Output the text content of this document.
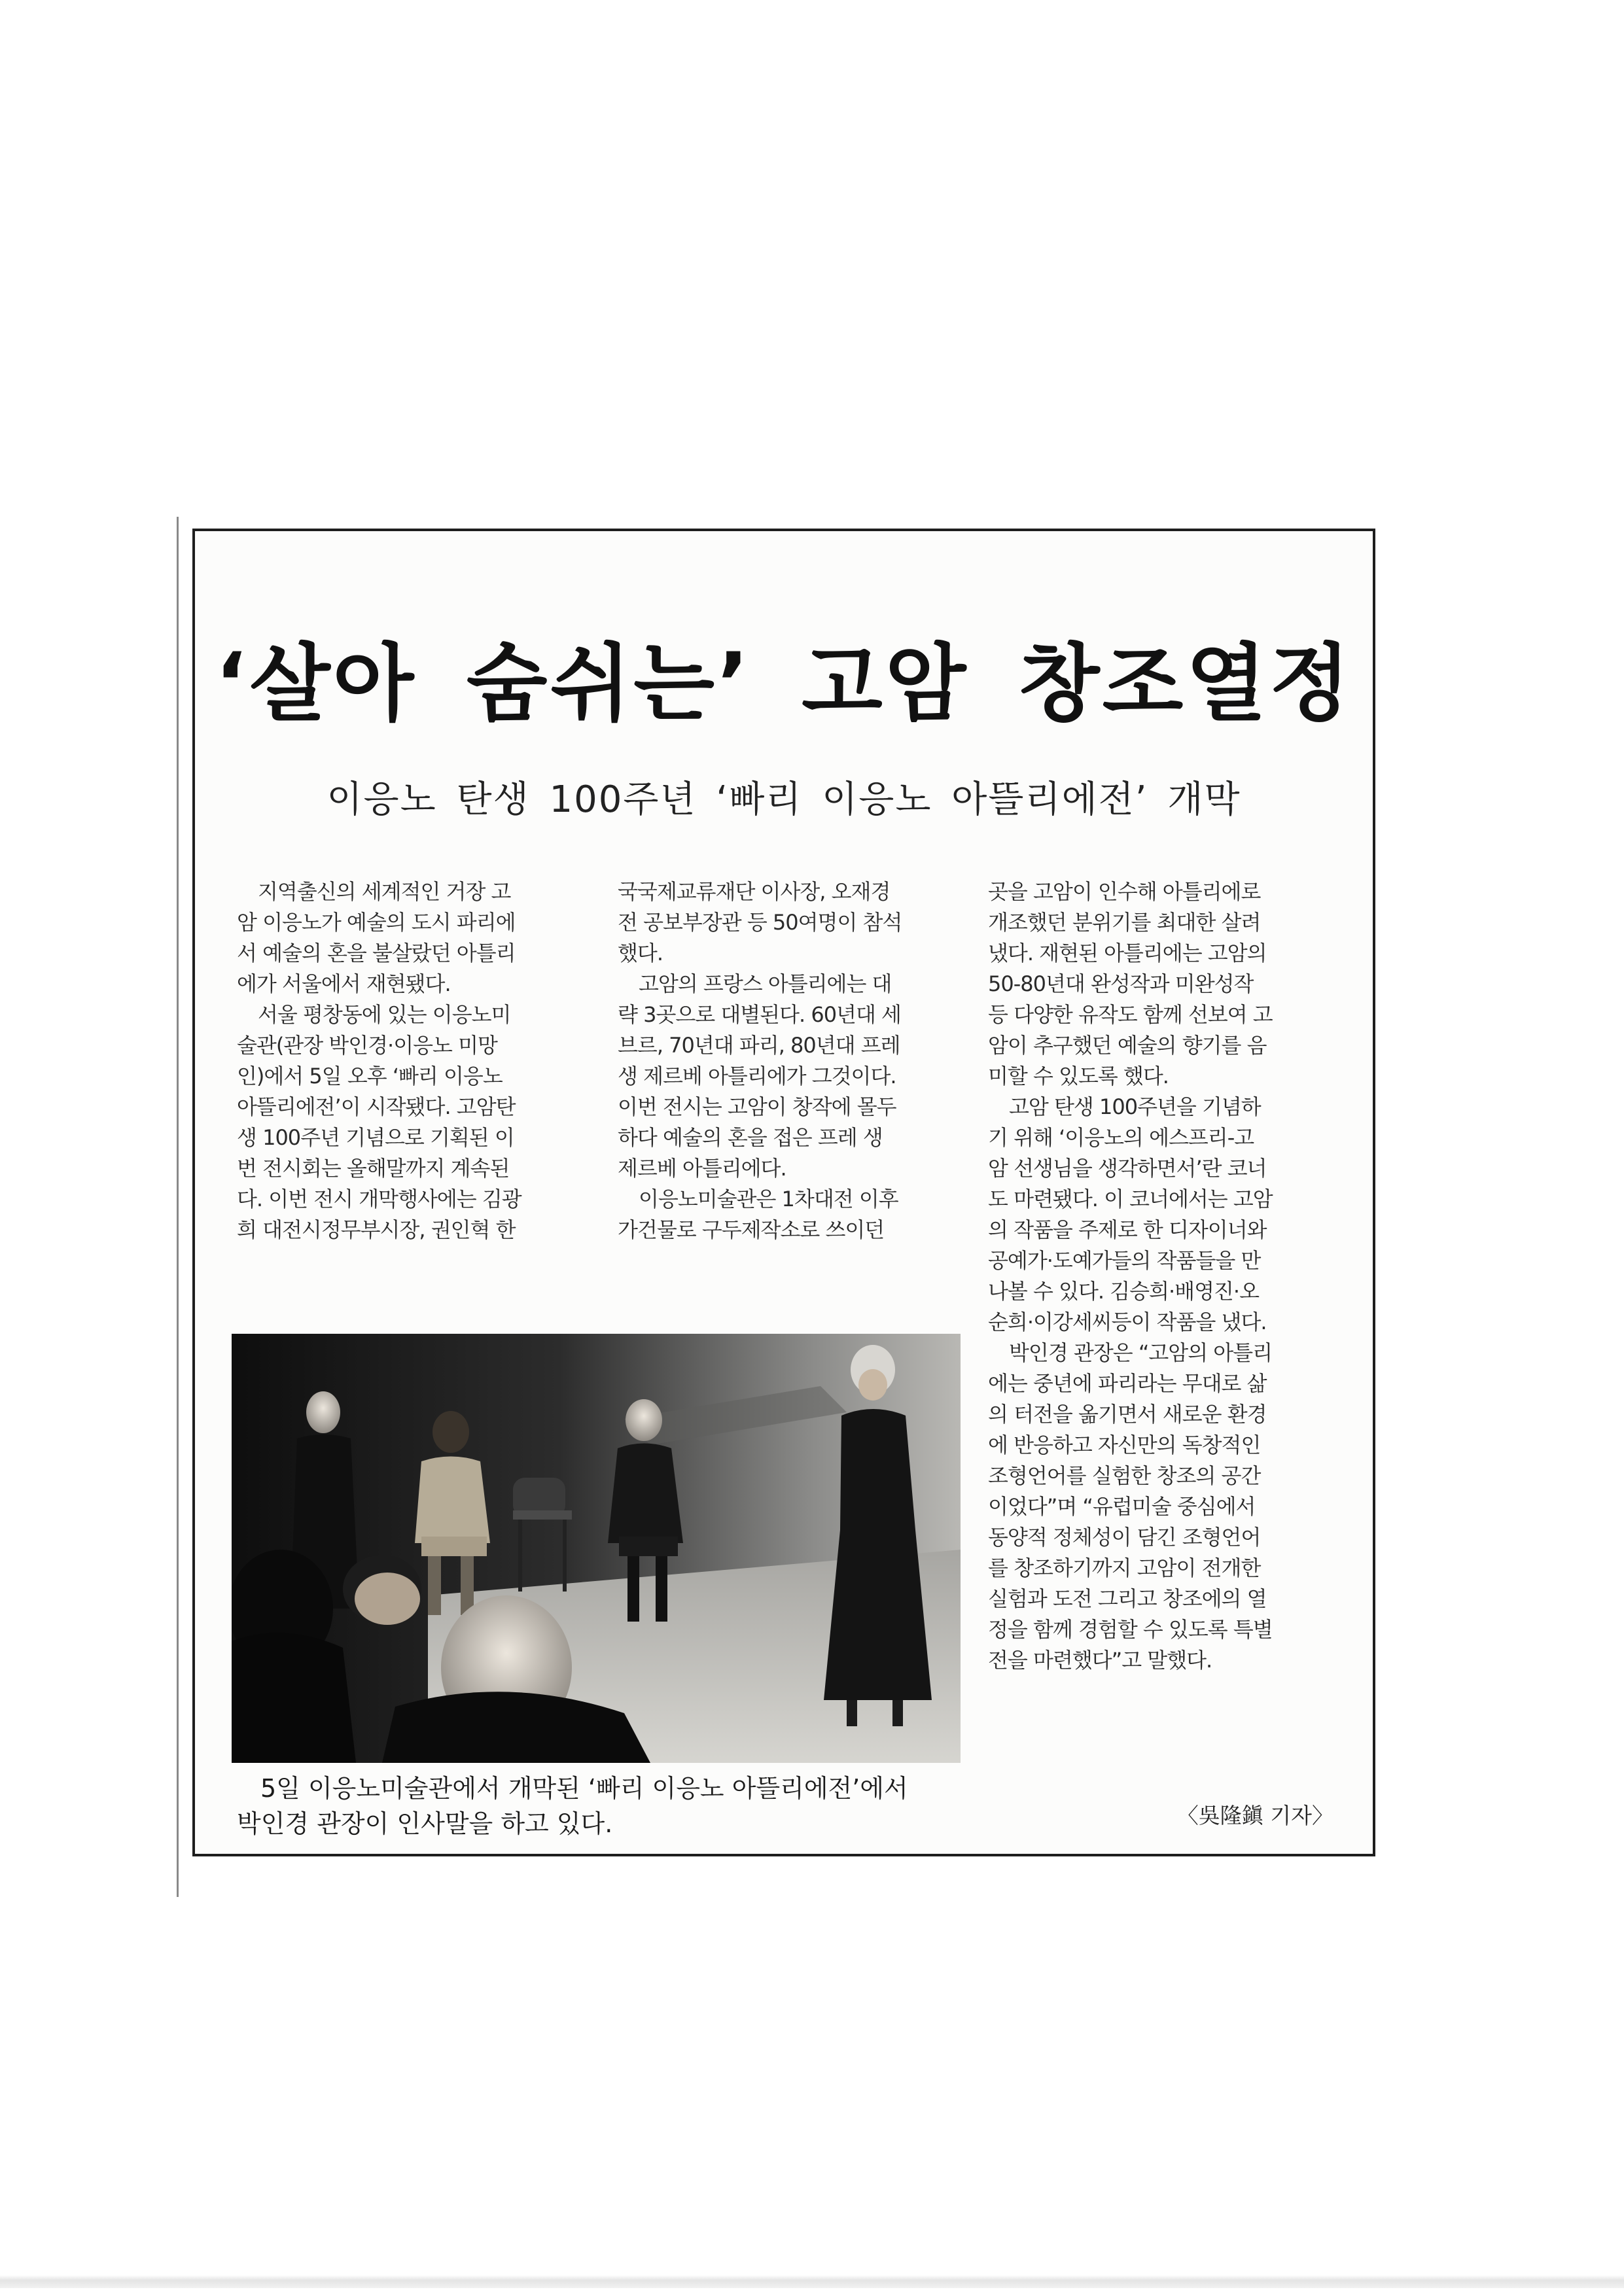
‘살아 숨쉬는’ 고암 창조열정
이응노 탄생 100주년 ‘빠리 이응노 아뜰리에전’ 개막

지역출신의 세계적인 거장 고

암 이응노가 예술의 도시 파리에

서 예술의 혼을 불살랐던 아틀리

에가 서울에서 재현됐다.

서울 평창동에 있는 이응노미

술관(관장 박인경·이응노 미망

인)에서 5일 오후 ‘빠리 이응노

아뜰리에전’이 시작됐다. 고암탄

생 100주년 기념으로 기획된 이

번 전시회는 올해말까지 계속된

다. 이번 전시 개막행사에는 김광

희 대전시정무부시장, 권인혁 한

국국제교류재단 이사장, 오재경

전 공보부장관 등 50여명이 참석

했다.

고암의 프랑스 아틀리에는 대

략 3곳으로 대별된다. 60년대 세

브르, 70년대 파리, 80년대 프레

생 제르베 아틀리에가 그것이다.

이번 전시는 고암이 창작에 몰두

하다 예술의 혼을 접은 프레 생

제르베 아틀리에다.

이응노미술관은 1차대전 이후

가건물로 구두제작소로 쓰이던

5일 이응노미술관에서 개막된 ‘빠리 이응노 아뜰리에전’에서

박인경 관장이 인사말을 하고 있다.

곳을 고암이 인수해 아틀리에로

개조했던 분위기를 최대한 살려

냈다. 재현된 아틀리에는 고암의

50-80년대 완성작과 미완성작

등 다양한 유작도 함께 선보여 고

암이 추구했던 예술의 향기를 음

미할 수 있도록 했다.

고암 탄생 100주년을 기념하

기 위해 ‘이응노의 에스프리-고

암 선생님을 생각하면서’란 코너

도 마련됐다. 이 코너에서는 고암

의 작품을 주제로 한 디자이너와

공예가·도예가들의 작품들을 만

나볼 수 있다. 김승희·배영진·오

순희·이강세씨등이 작품을 냈다.

박인경 관장은 “고암의 아틀리

에는 중년에 파리라는 무대로 삶

의 터전을 옮기면서 새로운 환경

에 반응하고 자신만의 독창적인

조형언어를 실험한 창조의 공간

이었다”며 “유럽미술 중심에서

동양적 정체성이 담긴 조형언어

를 창조하기까지 고암이 전개한

실험과 도전 그리고 창조에의 열

정을 함께 경험할 수 있도록 특별

전을 마련했다”고 말했다.

〈吳隆鎭 기자〉
